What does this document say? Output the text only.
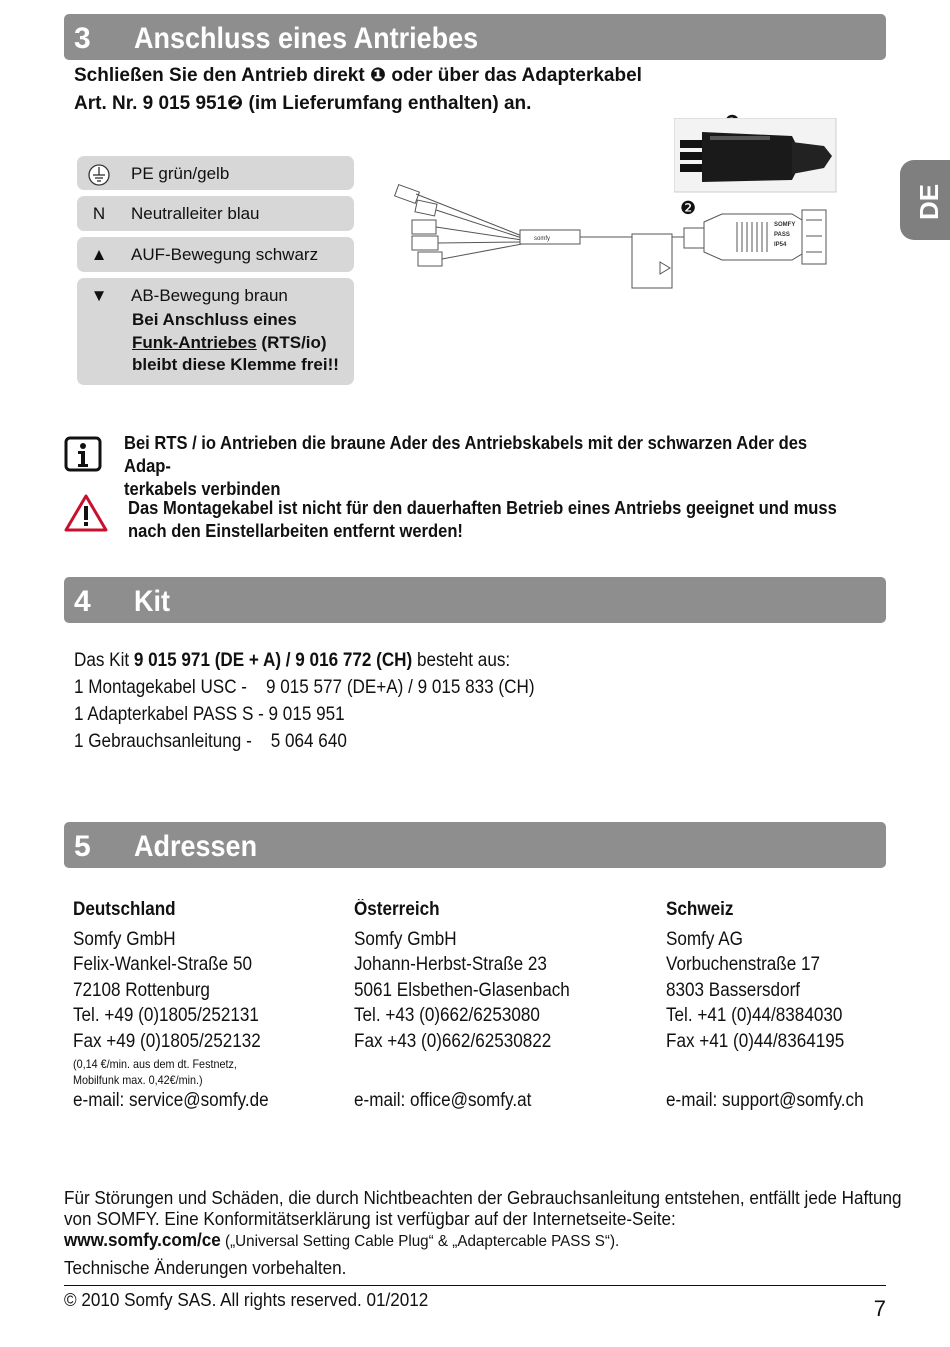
DE
3 Anschluss eines Antriebes
Schließen Sie den Antrieb direkt ❶ oder über das Adapterkabel
Art. Nr. 9 015 951❷ (im Lieferumfang enthalten) an.
PE grün/gelb
N	Neutralleiter blau
▲ AUF-Bewegung schwarz
▼ AB-Bewegung braun
Bei Anschluss eines
Funk-Antriebes (RTS/io)
bleibt diese Klemme frei!!
❷
somfy
SOMFY
PASS
IP54
Bei RTS / io Antrieben die braune Ader des Antriebskabels mit der schwarzen Ader des Adap-
terkabels verbinden
Das Montagekabel ist nicht für den dauerhaften Betrieb eines Antriebs geeignet und muss
nach den Einstellarbeiten entfernt werden!
4 Kit
Das Kit 9 015 971 (DE + A) / 9 016 772 (CH) besteht aus:
1 Montagekabel USC -    9 015 577 (DE+A) / 9 015 833 (CH)
1 Adapterkabel PASS S - 9 015 951
1 Gebrauchsanleitung -    5 064 640
5 Adressen
Deutschland
Somfy GmbH
Felix-Wankel-Straße 50
72108 Rottenburg
Tel. +49 (0)1805/252131
Fax +49 (0)1805/252132
(0,14 €/min. aus dem dt. Festnetz,
Mobilfunk max. 0,42€/min.)
e-mail: service@somfy.de
Österreich
Somfy GmbH
Johann-Herbst-Straße 23
5061 Elsbethen-Glasenbach
Tel. +43 (0)662/6253080
Fax +43 (0)662/62530822
e-mail: office@somfy.at
Schweiz
Somfy AG
Vorbuchenstraße 17
8303 Bassersdorf
Tel. +41 (0)44/8384030
Fax +41 (0)44/8364195
e-mail: support@somfy.ch
Für Störungen und Schäden, die durch Nichtbeachten der Gebrauchsanleitung entstehen, entfällt jede Haftung
von SOMFY. Eine Konformitätserklärung ist verfügbar auf der Internetseite-Seite:
www.somfy.com/ce („Universal Setting Cable Plug“ & „Adaptercable PASS S“).
Technische Änderungen vorbehalten.
© 2010 Somfy SAS. All rights reserved. 01/2012	7
